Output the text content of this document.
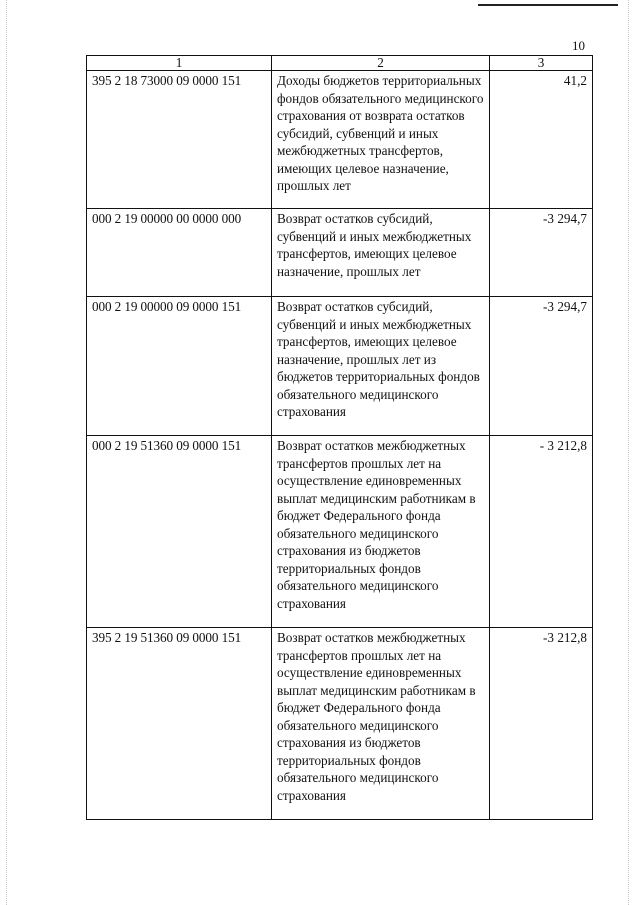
10
1	2	3
395 2 18 73000 09 0000 151	Доходы бюджетов территориальных фондов обязательного медицинского страхования от возврата остатков субсидий, субвенций и иных межбюджетных трансфертов, имеющих целевое назначение, прошлых лет	41,2
000 2 19 00000 00 0000 000	Возврат остатков субсидий, субвенций и иных межбюджетных трансфертов, имеющих целевое назначение, прошлых лет	-3 294,7
000 2 19 00000 09 0000 151	Возврат остатков субсидий, субвенций и иных межбюджетных трансфертов, имеющих целевое назначение, прошлых лет из бюджетов территориальных фондов обязательного медицинского страхования	-3 294,7
000 2 19 51360 09 0000 151	Возврат остатков межбюджетных трансфертов прошлых лет на осуществление единовременных выплат медицинским работникам в бюджет Федерального фонда обязательного медицинского страхования из бюджетов территориальных фондов обязательного медицинского страхования	- 3 212,8
395 2 19 51360 09 0000 151	Возврат остатков межбюджетных трансфертов прошлых лет на осуществление единовременных выплат медицинским работникам в бюджет Федерального фонда обязательного медицинского страхования из бюджетов территориальных фондов обязательного медицинского страхования	-3 212,8
